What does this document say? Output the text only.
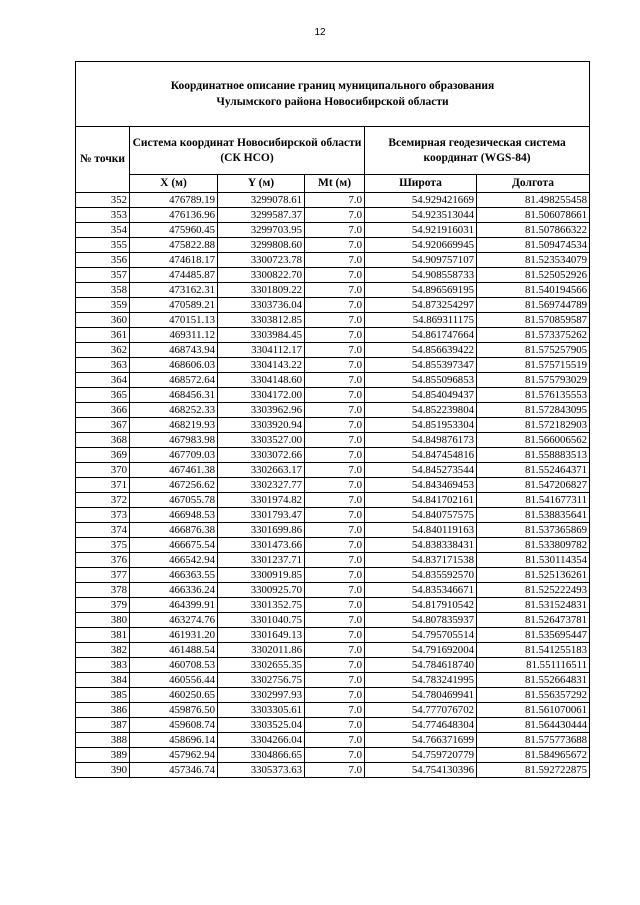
12
Координатное описание границ муниципального образования
Чулымского района Новосибирской области					

№ точки	Система координат Новосибирской области (СК НСО)			Всемирная геодезическая система координат (WGS-84)	
	X (м)	Y (м)	Mt (м)	Широта	Долгота
352	476789.19	3299078.61	7.0	54.929421669	81.498255458
353	476136.96	3299587.37	7.0	54.923513044	81.506078661
354	475960.45	3299703.95	7.0	54.921916031	81.507866322
355	475822.88	3299808.60	7.0	54.920669945	81.509474534
356	474618.17	3300723.78	7.0	54.909757107	81.523534079
357	474485.87	3300822.70	7.0	54.908558733	81.525052926
358	473162.31	3301809.22	7.0	54.896569195	81.540194566
359	470589.21	3303736.04	7.0	54.873254297	81.569744789
360	470151.13	3303812.85	7.0	54.869311175	81.570859587
361	469311.12	3303984.45	7.0	54.861747664	81.573375262
362	468743.94	3304112.17	7.0	54.856639422	81.575257905
363	468606.03	3304143.22	7.0	54.855397347	81.575715519
364	468572.64	3304148.60	7.0	54.855096853	81.575793029
365	468456.31	3304172.00	7.0	54.854049437	81.576135553
366	468252.33	3303962.96	7.0	54.852239804	81.572843095
367	468219.93	3303920.94	7.0	54.851953304	81.572182903
368	467983.98	3303527.00	7.0	54.849876173	81.566006562
369	467709.03	3303072.66	7.0	54.847454816	81.558883513
370	467461.38	3302663.17	7.0	54.845273544	81.552464371
371	467256.62	3302327.77	7.0	54.843469453	81.547206827
372	467055.78	3301974.82	7.0	54.841702161	81.541677311
373	466948.53	3301793.47	7.0	54.840757575	81.538835641
374	466876.38	3301699.86	7.0	54.840119163	81.537365869
375	466675.54	3301473.66	7.0	54.838338431	81.533809782
376	466542.94	3301237.71	7.0	54.837171538	81.530114354
377	466363.55	3300919.85	7.0	54.835592570	81.525136261
378	466336.24	3300925.70	7.0	54.835346671	81.525222493
379	464399.91	3301352.75	7.0	54.817910542	81.531524831
380	463274.76	3301040.75	7.0	54.807835937	81.526473781
381	461931.20	3301649.13	7.0	54.795705514	81.535695447
382	461488.54	3302011.86	7.0	54.791692004	81.541255183
383	460708.53	3302655.35	7.0	54.784618740	81.551116511
384	460556.44	3302756.75	7.0	54.783241995	81.552664831
385	460250.65	3302997.93	7.0	54.780469941	81.556357292
386	459876.50	3303305.61	7.0	54.777076702	81.561070061
387	459608.74	3303525.04	7.0	54.774648304	81.564430444
388	458696.14	3304266.04	7.0	54.766371699	81.575773688
389	457962.94	3304866.65	7.0	54.759720779	81.584965672
390	457346.74	3305373.63	7.0	54.754130396	81.592722875
